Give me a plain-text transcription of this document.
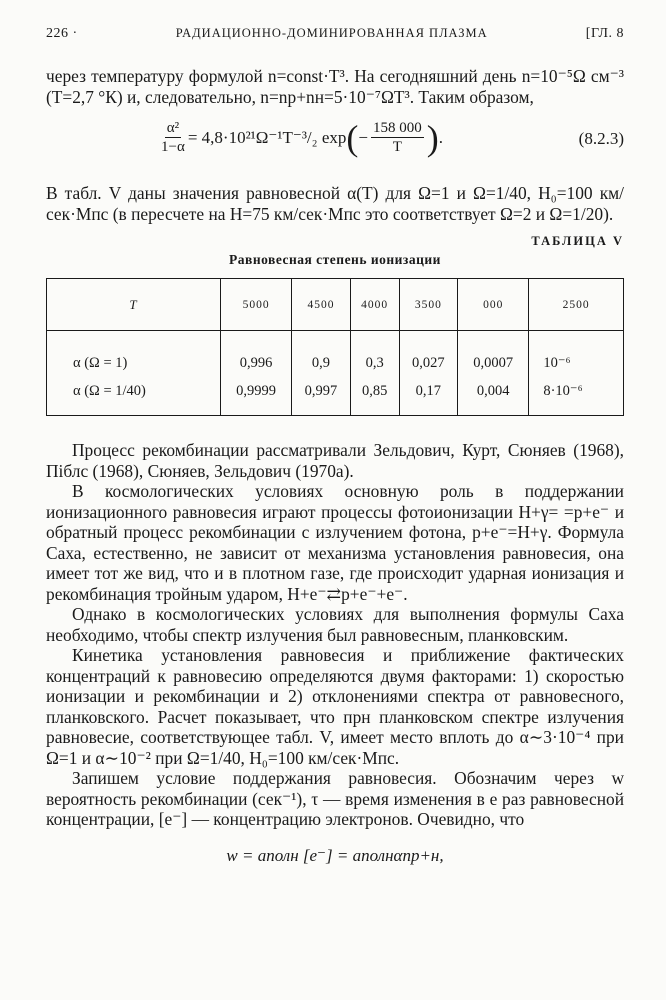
226 ·	РАДИАЦИОННО-ДОМИНИРОВАННАЯ ПЛАЗМА	[ГЛ. 8

через температуру формулой n=const·T³. На сегодняшний день n=10⁻⁵Ω см⁻³ (T=2,7 °К) и, следовательно, n=nр+nн=5·10⁻⁷ΩT³. Таким образом,

$\frac{\text{α²}}{1-\alpha} = 4,8\cdot 10^{21}\Omega^{-1}T^{-3}/_2$ exp ( − $\frac{158 000}{T}$ ) .	(8.2.3)

В табл. V даны значения равновесной α(T) для Ω=1 и Ω=1/40, H₀=100 км/сек·Мпс (в пересчете на H=75 км/сек·Мпс это соответствует Ω=2 и Ω=1/20).

ТАБЛИЦА V
Равновесная степень ионизации
T	5000	4500	4000	3500	000	2500
α (Ω = 1)	0,996	0,9	0,3	0,027	0,0007	10⁻⁶
α (Ω = 1/40)	0,9999	0,997	0,85	0,17	0,004	8·10⁻⁶

Процесс рекомбинации рассматривали Зельдович, Курт, Сюняев (1968), Піблс (1968), Сюняев, Зельдович (1970a).

В космологических условиях основную роль в поддержании ионизационного равновесия играют процессы фотоионизации H+γ= =p+e⁻ и обратный процесс рекомбинации с излучением фотона, p+e⁻=H+γ. Формула Саха, естественно, не зависит от механизма установления равновесия, она имеет тот же вид, что и в плотном газе, где происходит ударная ионизация и рекомбинация тройным ударом, H+e⁻⇄p+e⁻+e⁻.

Однако в космологических условиях для выполнения формулы Саха необходимо, чтобы спектр излучения был равновесным, планковским.

Кинетика установления равновесия и приближение фактических концентраций к равновесию определяются двумя факторами: 1) скоростью ионизации и рекомбинации и 2) отклонениями спектра от равновесного, планковского. Расчет показывает, что прн планковском спектре излучения равновесие, соответствующее табл. V, имеет место вплоть до α∼3·10⁻⁴ при Ω=1 и α∼10⁻² при Ω=1/40, H₀=100 км/сек·Мпс.

Запишем условие поддержания равновесия. Обозначим через w вероятность рекомбинации (сек⁻¹), τ — время изменения в e раз равновесной концентрации, [e⁻] — концентрацию электронов. Очевидно, что

w = aполн [e⁻] = aполнαnр+н,
